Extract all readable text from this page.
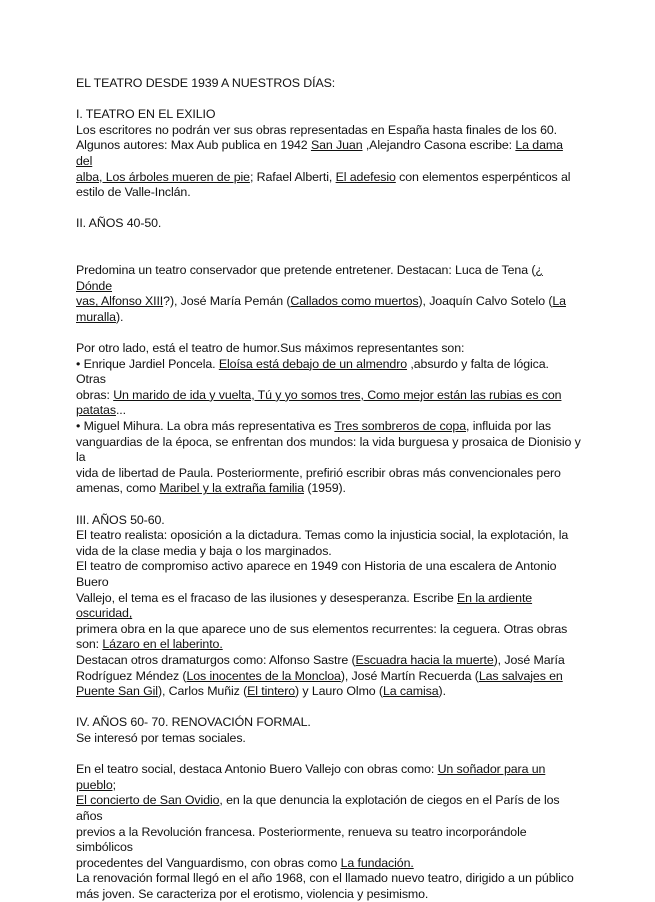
EL TEATRO DESDE 1939 A NUESTROS DÍAS:

I. TEATRO EN EL EXILIO

Los escritores no podrán ver sus obras representadas en España hasta finales de los 60.

Algunos autores: Max Aub publica en 1942 San Juan ,Alejandro Casona escribe: La dama del

alba, Los árboles mueren de pie; Rafael Alberti, El adefesio con elementos esperpénticos al

estilo de Valle-Inclán.

II. AÑOS 40-50.

Predomina un teatro conservador que pretende entretener. Destacan: Luca de Tena (¿ Dónde

vas, Alfonso XIII?), José María Pemán (Callados como muertos), Joaquín Calvo Sotelo (La

muralla).

Por otro lado, está el teatro de humor.Sus máximos representantes son:

• Enrique Jardiel Poncela. Eloísa está debajo de un almendro ,absurdo y falta de lógica. Otras

obras: Un marido de ida y vuelta, Tú y yo somos tres, Como mejor están las rubias es con

patatas...

• Miguel Mihura. La obra más representativa es Tres sombreros de copa, influida por las

vanguardias de la época, se enfrentan dos mundos: la vida burguesa y prosaica de Dionisio y la

vida de libertad de Paula. Posteriormente, prefirió escribir obras más convencionales pero

amenas, como Maribel y la extraña familia (1959).

III. AÑOS 50-60.

El teatro realista: oposición a la dictadura. Temas como la injusticia social, la explotación, la

vida de la clase media y baja o los marginados.

El teatro de compromiso activo aparece en 1949 con Historia de una escalera de Antonio Buero

Vallejo, el tema es el fracaso de las ilusiones y desesperanza. Escribe En la ardiente oscuridad,

primera obra en la que aparece uno de sus elementos recurrentes: la ceguera. Otras obras

son: Lázaro en el laberinto.

Destacan otros dramaturgos como: Alfonso Sastre (Escuadra hacia la muerte), José María

Rodríguez Méndez (Los inocentes de la Moncloa), José Martín Recuerda (Las salvajes en

Puente San Gil), Carlos Muñiz (El tintero) y Lauro Olmo (La camisa).

IV. AÑOS 60- 70. RENOVACIÓN FORMAL.

Se interesó por temas sociales.

En el teatro social, destaca Antonio Buero Vallejo con obras como: Un soñador para un pueblo;

El concierto de San Ovidio, en la que denuncia la explotación de ciegos en el París de los años

previos a la Revolución francesa. Posteriormente, renueva su teatro incorporándole simbólicos

procedentes del Vanguardismo, con obras como La fundación.

La renovación formal llegó en el año 1968, con el llamado nuevo teatro, dirigido a un público

más joven. Se caracteriza por el erotismo, violencia y pesimismo.
